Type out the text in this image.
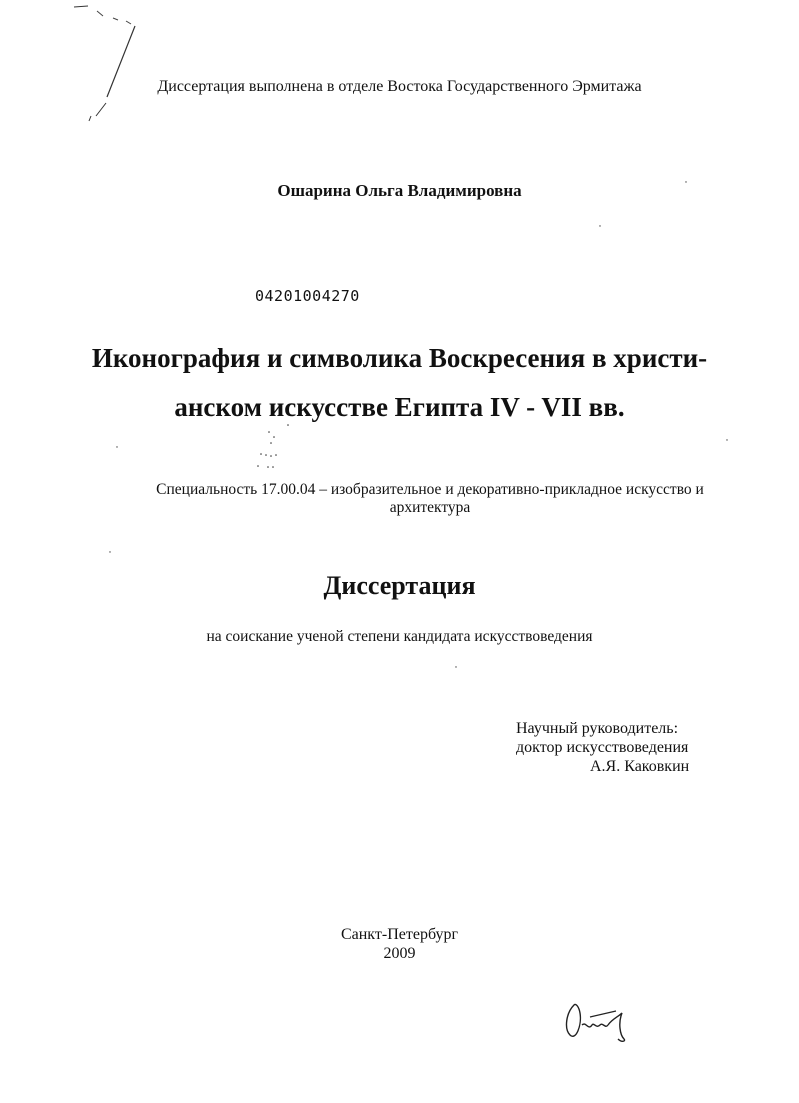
Диссертация выполнена в отделе Востока Государственного Эрмитажа
Ошарина Ольга Владимировна
04201004270
Иконография и символика Воскресения в христи-
анском искусстве Египта IV - VII вв.
Специальность 17.00.04 – изобразительное и декоративно-прикладное искусство и архитектура
Диссертация
на соискание ученой степени кандидата искусствоведения
Научный руководитель:
доктор искусствоведения
А.Я. Каковкин
Санкт-Петербург
2009
